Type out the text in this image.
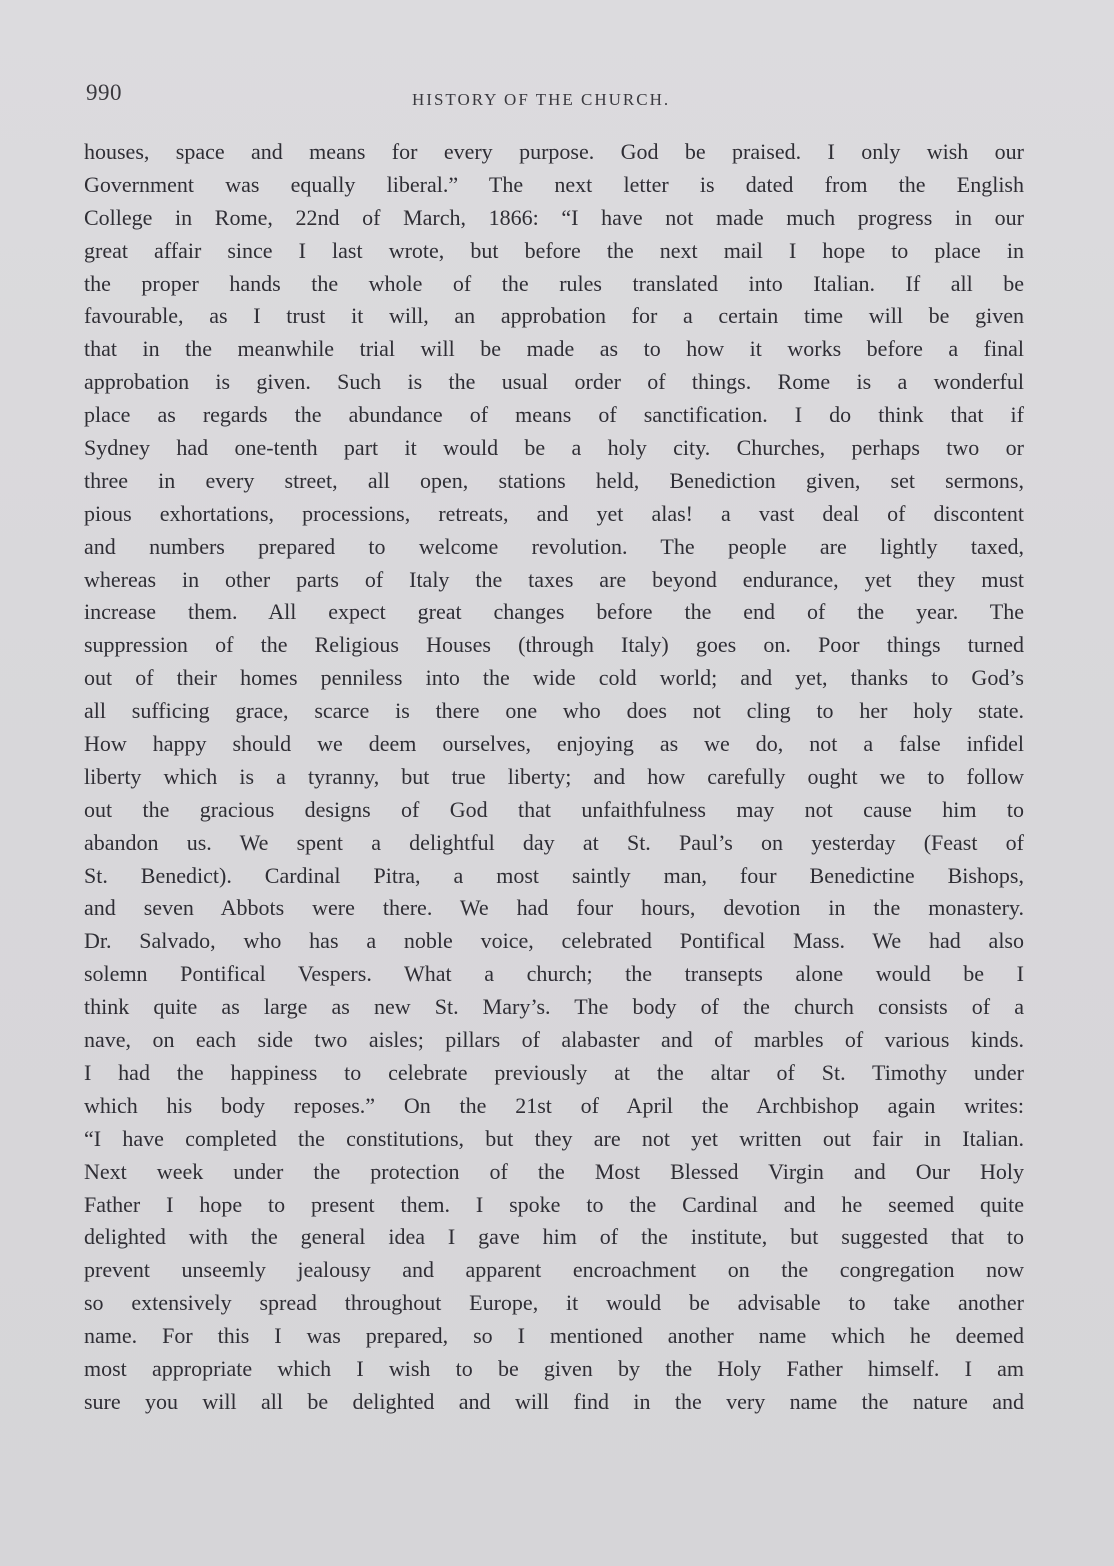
990	HISTORY OF THE CHURCH.
houses, space and means for every purpose. God be praised. I only wish our
Government was equally liberal.” The next letter is dated from the English
College in Rome, 22nd of March, 1866: “I have not made much progress in our
great affair since I last wrote, but before the next mail I hope to place in
the proper hands the whole of the rules translated into Italian. If all be
favourable, as I trust it will, an approbation for a certain time will be given
that in the meanwhile trial will be made as to how it works before a final
approbation is given. Such is the usual order of things. Rome is a wonderful
place as regards the abundance of means of sanctification. I do think that if
Sydney had one-tenth part it would be a holy city. Churches, perhaps two or
three in every street, all open, stations held, Benediction given, set sermons,
pious exhortations, processions, retreats, and yet alas! a vast deal of discontent
and numbers prepared to welcome revolution. The people are lightly taxed,
whereas in other parts of Italy the taxes are beyond endurance, yet they must
increase them. All expect great changes before the end of the year. The
suppression of the Religious Houses (through Italy) goes on. Poor things turned
out of their homes penniless into the wide cold world; and yet, thanks to God’s
all sufficing grace, scarce is there one who does not cling to her holy state.
How happy should we deem ourselves, enjoying as we do, not a false infidel
liberty which is a tyranny, but true liberty; and how carefully ought we to follow
out the gracious designs of God that unfaithfulness may not cause him to
abandon us. We spent a delightful day at St. Paul’s on yesterday (Feast of
St. Benedict). Cardinal Pitra, a most saintly man, four Benedictine Bishops,
and seven Abbots were there. We had four hours, devotion in the monastery.
Dr. Salvado, who has a noble voice, celebrated Pontifical Mass. We had also
solemn Pontifical Vespers. What a church; the transepts alone would be I
think quite as large as new St. Mary’s. The body of the church consists of a
nave, on each side two aisles; pillars of alabaster and of marbles of various kinds.
I had the happiness to celebrate previously at the altar of St. Timothy under
which his body reposes.” On the 21st of April the Archbishop again writes:
“I have completed the constitutions, but they are not yet written out fair in Italian.
Next week under the protection of the Most Blessed Virgin and Our Holy
Father I hope to present them. I spoke to the Cardinal and he seemed quite
delighted with the general idea I gave him of the institute, but suggested that to
prevent unseemly jealousy and apparent encroachment on the congregation now
so extensively spread throughout Europe, it would be advisable to take another
name. For this I was prepared, so I mentioned another name which he deemed
most appropriate which I wish to be given by the Holy Father himself. I am
sure you will all be delighted and will find in the very name the nature and
